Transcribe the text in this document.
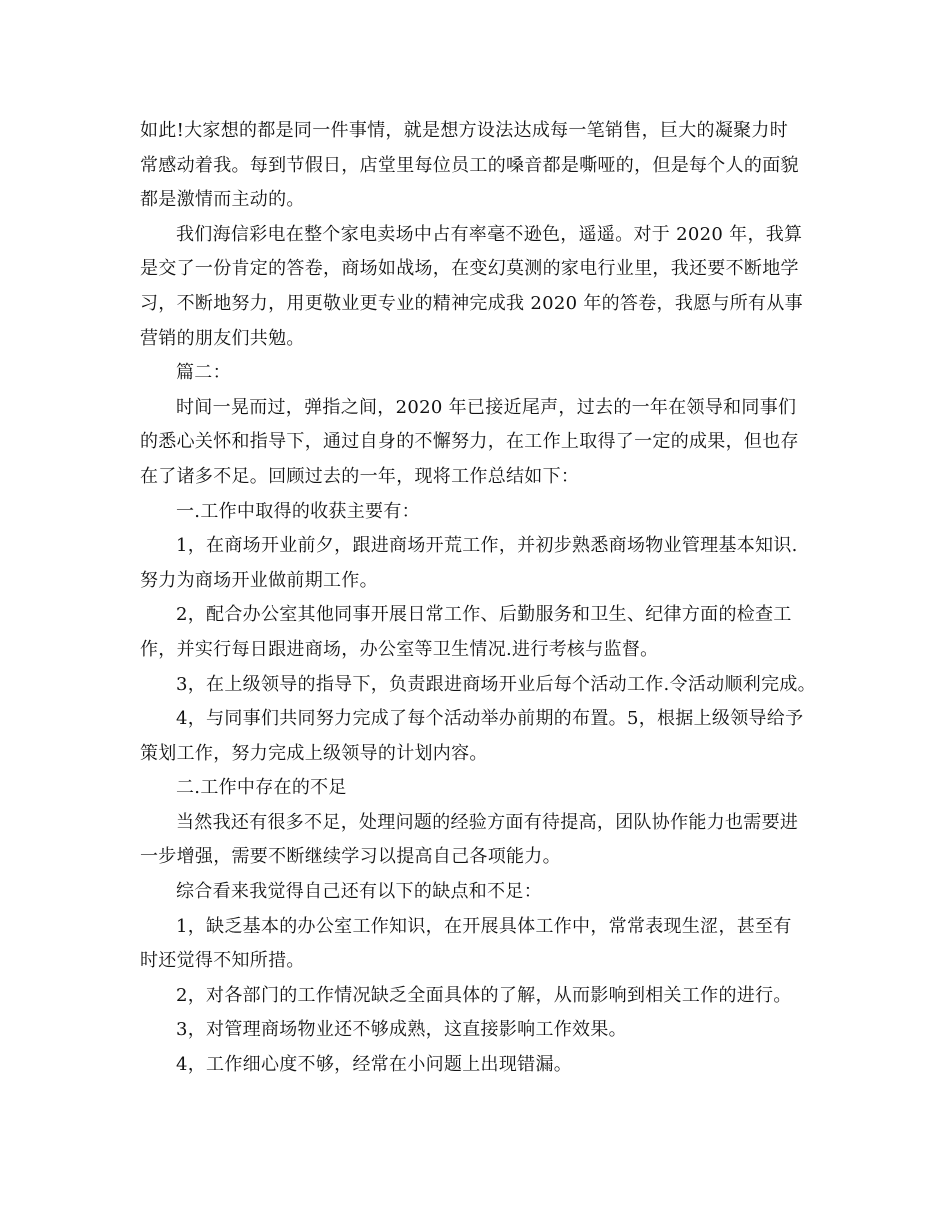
如此!大家想的都是同一件事情，就是想方设法达成每一笔销售，巨大的凝聚力时
常感动着我。每到节假日，店堂里每位员工的嗓音都是嘶哑的，但是每个人的面貌
都是激情而主动的。

我们海信彩电在整个家电卖场中占有率毫不逊色，遥遥。对于 2020 年，我算
是交了一份肯定的答卷，商场如战场，在变幻莫测的家电行业里，我还要不断地学
习，不断地努力，用更敬业更专业的精神完成我 2020 年的答卷，我愿与所有从事
营销的朋友们共勉。

篇二：

时间一晃而过，弹指之间，2020 年已接近尾声，过去的一年在领导和同事们
的悉心关怀和指导下，通过自身的不懈努力，在工作上取得了一定的成果，但也存
在了诸多不足。回顾过去的一年，现将工作总结如下：

一.工作中取得的收获主要有：

1，在商场开业前夕，跟进商场开荒工作，并初步熟悉商场物业管理基本知识.
努力为商场开业做前期工作。

2，配合办公室其他同事开展日常工作、后勤服务和卫生、纪律方面的检查工
作，并实行每日跟进商场，办公室等卫生情况.进行考核与监督。

3，在上级领导的指导下，负责跟进商场开业后每个活动工作.令活动顺利完成。

4，与同事们共同努力完成了每个活动举办前期的布置。5，根据上级领导给予
策划工作，努力完成上级领导的计划内容。

二.工作中存在的不足

当然我还有很多不足，处理问题的经验方面有待提高，团队协作能力也需要进
一步增强，需要不断继续学习以提高自己各项能力。

综合看来我觉得自己还有以下的缺点和不足：

1，缺乏基本的办公室工作知识，在开展具体工作中，常常表现生涩，甚至有
时还觉得不知所措。

2，对各部门的工作情况缺乏全面具体的了解，从而影响到相关工作的进行。

3，对管理商场物业还不够成熟，这直接影响工作效果。

4，工作细心度不够，经常在小问题上出现错漏。
